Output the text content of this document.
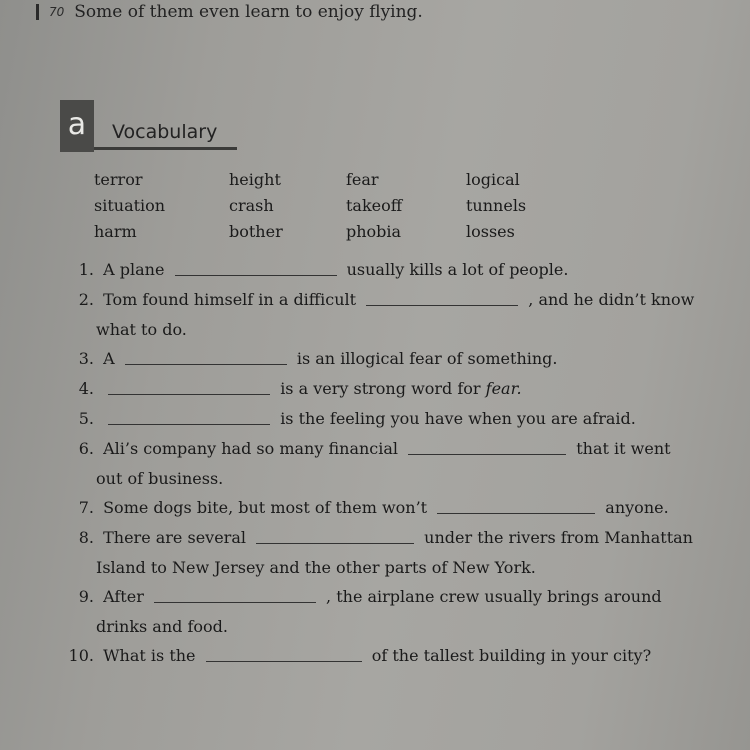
70 Some of them even learn to enjoy flying.
a	Vocabulary
terror	height	fear	logical
situation	crash	takeoff	tunnels
harm	bother	phobia	losses
1. A plane	usually kills a lot of people.
2. Tom found himself in a difficult	, and he didn’t know
what to do.
3. A	is an illogical fear of something.
4.	is a very strong word for fear.
5.	is the feeling you have when you are afraid.
6. Ali’s company had so many financial	that it went
out of business.
7. Some dogs bite, but most of them won’t	anyone.
8. There are several	under the rivers from Manhattan
Island to New Jersey and the other parts of New York.
9. After	, the airplane crew usually brings around
drinks and food.
10. What is the	of the tallest building in your city?
